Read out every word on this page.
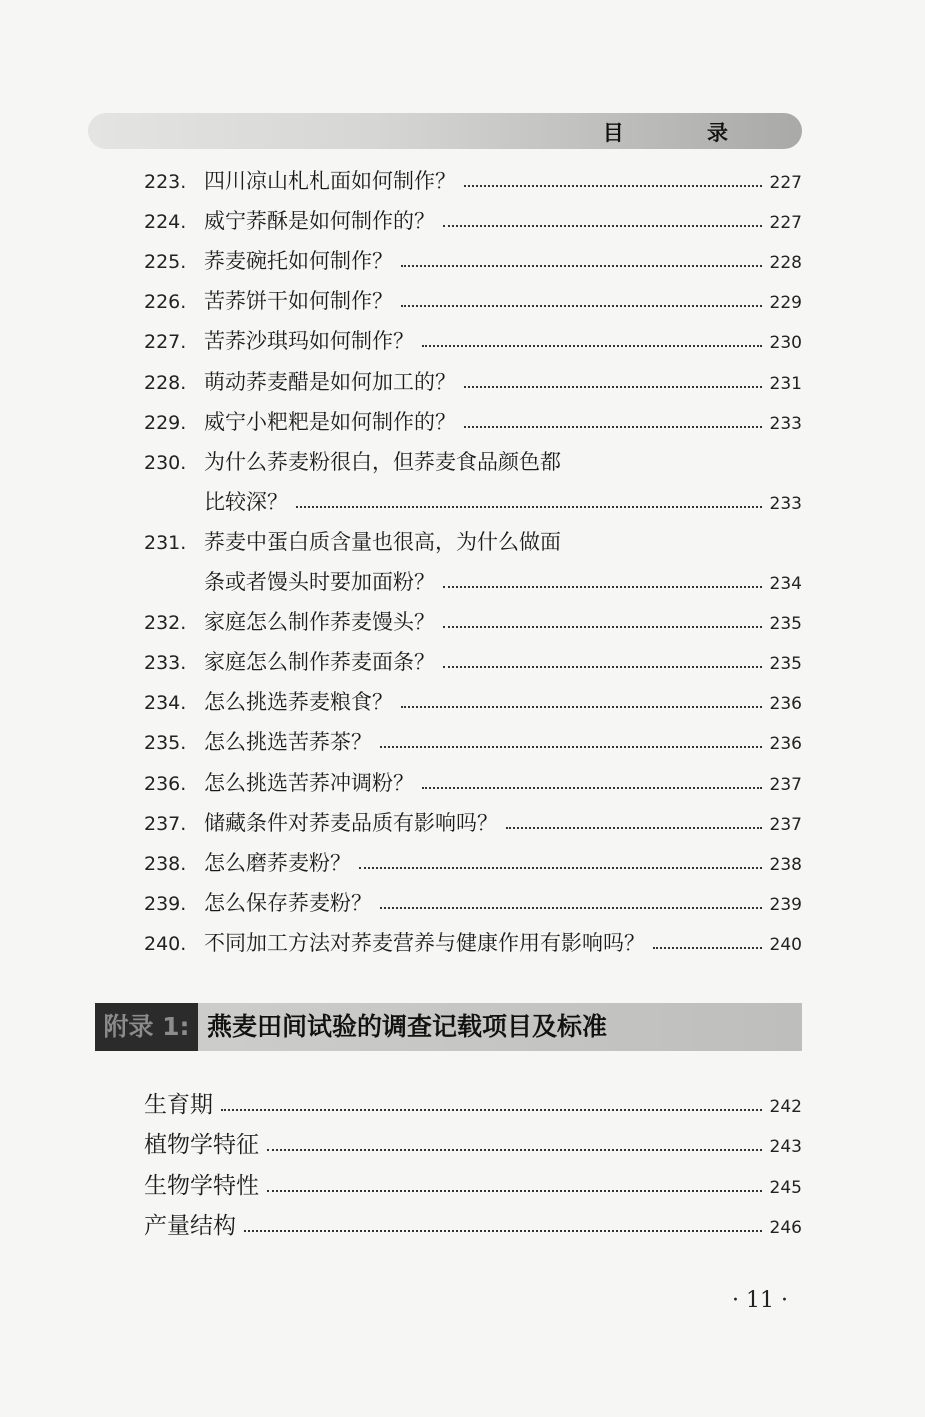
目 录
223. 四川凉山札札面如何制作？	227
224. 威宁荞酥是如何制作的？	227
225. 荞麦碗托如何制作？	228
226. 苦荞饼干如何制作？	229
227. 苦荞沙琪玛如何制作？	230
228. 萌动荞麦醋是如何加工的？	231
229. 威宁小粑粑是如何制作的？	233
230. 为什么荞麦粉很白，但荞麦食品颜色都
比较深？	233
231. 荞麦中蛋白质含量也很高，为什么做面
条或者馒头时要加面粉？	234
232. 家庭怎么制作荞麦馒头？	235
233. 家庭怎么制作荞麦面条？	235
234. 怎么挑选荞麦粮食？	236
235. 怎么挑选苦荞茶？	236
236. 怎么挑选苦荞冲调粉？	237
237. 储藏条件对荞麦品质有影响吗？	237
238. 怎么磨荞麦粉？	238
239. 怎么保存荞麦粉？	239
240. 不同加工方法对荞麦营养与健康作用有影响吗？	240
附录 1: 燕麦田间试验的调查记载项目及标准
生育期	242
植物学特征	243
生物学特性	245
产量结构	246
· 11 ·
